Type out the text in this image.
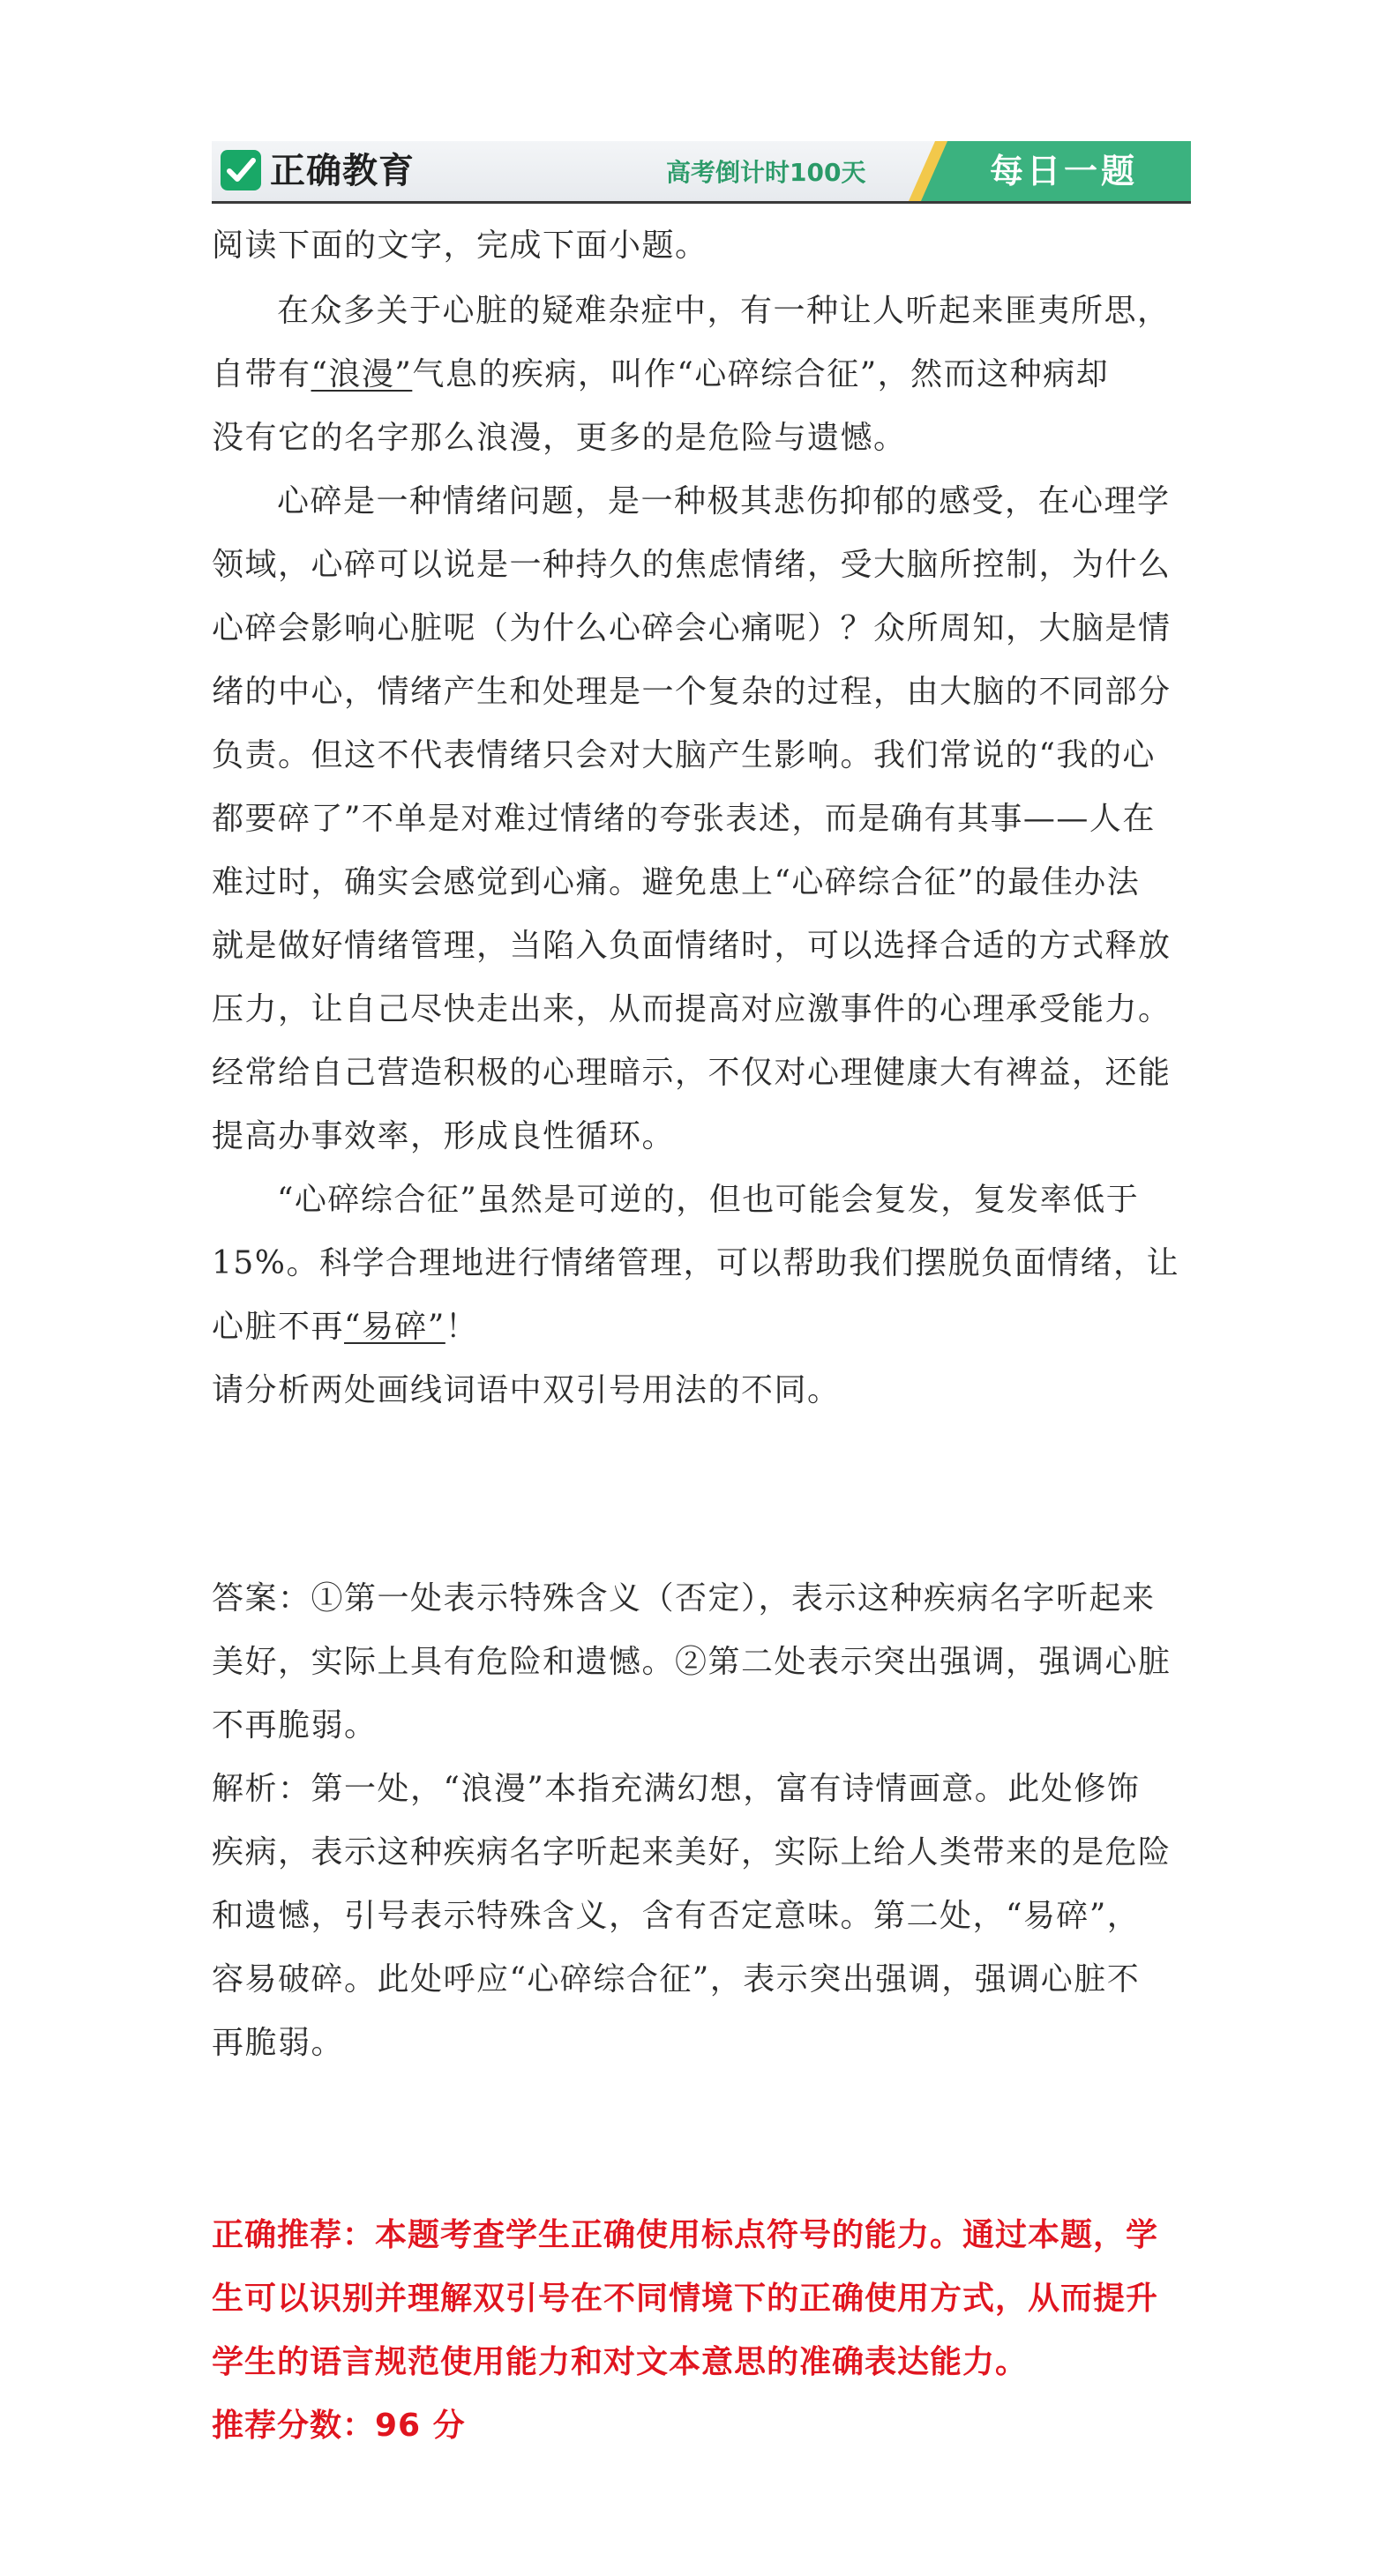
正确教育	高考倒计时100天	每日一题
阅读下面的文字，完成下面小题。
在众多关于心脏的疑难杂症中，有一种让人听起来匪夷所思，
自带有“浪漫”气息的疾病，叫作“心碎综合征”，然而这种病却
没有它的名字那么浪漫，更多的是危险与遗憾。
心碎是一种情绪问题，是一种极其悲伤抑郁的感受，在心理学
领域，心碎可以说是一种持久的焦虑情绪，受大脑所控制，为什么
心碎会影响心脏呢（为什么心碎会心痛呢）？众所周知，大脑是情
绪的中心，情绪产生和处理是一个复杂的过程，由大脑的不同部分
负责。但这不代表情绪只会对大脑产生影响。我们常说的“我的心
都要碎了”不单是对难过情绪的夸张表述，而是确有其事——人在
难过时，确实会感觉到心痛。避免患上“心碎综合征”的最佳办法
就是做好情绪管理，当陷入负面情绪时，可以选择合适的方式释放
压力，让自己尽快走出来，从而提高对应激事件的心理承受能力。
经常给自己营造积极的心理暗示，不仅对心理健康大有裨益，还能
提高办事效率，形成良性循环。
“心碎综合征”虽然是可逆的，但也可能会复发，复发率低于
15%。科学合理地进行情绪管理，可以帮助我们摆脱负面情绪，让
心脏不再“易碎”！
请分析两处画线词语中双引号用法的不同。
答案：①第一处表示特殊含义（否定），表示这种疾病名字听起来
美好，实际上具有危险和遗憾。②第二处表示突出强调，强调心脏
不再脆弱。
解析：第一处，“浪漫”本指充满幻想，富有诗情画意。此处修饰
疾病，表示这种疾病名字听起来美好，实际上给人类带来的是危险
和遗憾，引号表示特殊含义，含有否定意味。第二处，“易碎”，
容易破碎。此处呼应“心碎综合征”，表示突出强调，强调心脏不
再脆弱。
正确推荐：本题考查学生正确使用标点符号的能力。通过本题，学
生可以识别并理解双引号在不同情境下的正确使用方式，从而提升
学生的语言规范使用能力和对文本意思的准确表达能力。
推荐分数：96 分
